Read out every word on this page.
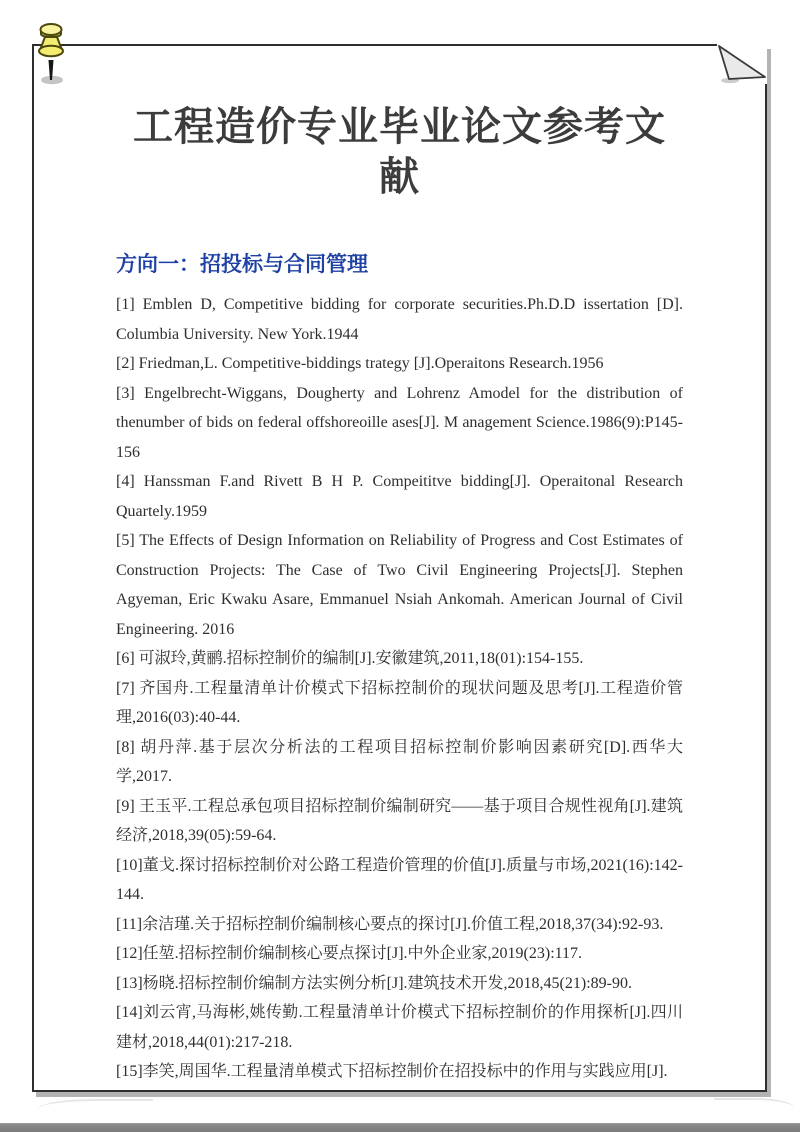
工程造价专业毕业论文参考文献
方向一：招投标与合同管理

[1] Emblen D, Competitive bidding for corporate securities.Ph.D.D issertation [D]. Columbia University. New York.1944

[2] Friedman,L. Competitive-biddings trategy [J].Operaitons Research.1956

[3] Engelbrecht-Wiggans, Dougherty and Lohrenz Amodel for the distribution of thenumber of bids on federal offshoreoille ases[J]. M anagement Science.1986(9):P145-156

[4] Hanssman F.and Rivett B H P. Compeititve bidding[J]. Operaitonal Research Quartely.1959

[5] The Effects of Design Information on Reliability of Progress and Cost Estimates of Construction Projects: The Case of Two Civil Engineering Projects[J]. Stephen Agyeman, Eric Kwaku Asare, Emmanuel Nsiah Ankomah. American Journal of Civil Engineering. 2016

[6] 可淑玲,黄鹂.招标控制价的编制[J].安徽建筑,2011,18(01):154-155.

[7] 齐国舟.工程量清单计价模式下招标控制价的现状问题及思考[J].工程造价管理,2016(03):40-44.

[8] 胡丹萍.基于层次分析法的工程项目招标控制价影响因素研究[D].西华大学,2017.

[9] 王玉平.工程总承包项目招标控制价编制研究——基于项目合规性视角[J].建筑经济,2018,39(05):59-64.

[10]董戈.探讨招标控制价对公路工程造价管理的价值[J].质量与市场,2021(16):142-144.

[11]余洁瑾.关于招标控制价编制核心要点的探讨[J].价值工程,2018,37(34):92-93.

[12]任堃.招标控制价编制核心要点探讨[J].中外企业家,2019(23):117.

[13]杨晓.招标控制价编制方法实例分析[J].建筑技术开发,2018,45(21):89-90.

[14]刘云宵,马海彬,姚传勤.工程量清单计价模式下招标控制价的作用探析[J].四川建材,2018,44(01):217-218.

[15]李笑,周国华.工程量清单模式下招标控制价在招投标中的作用与实践应用[J].
